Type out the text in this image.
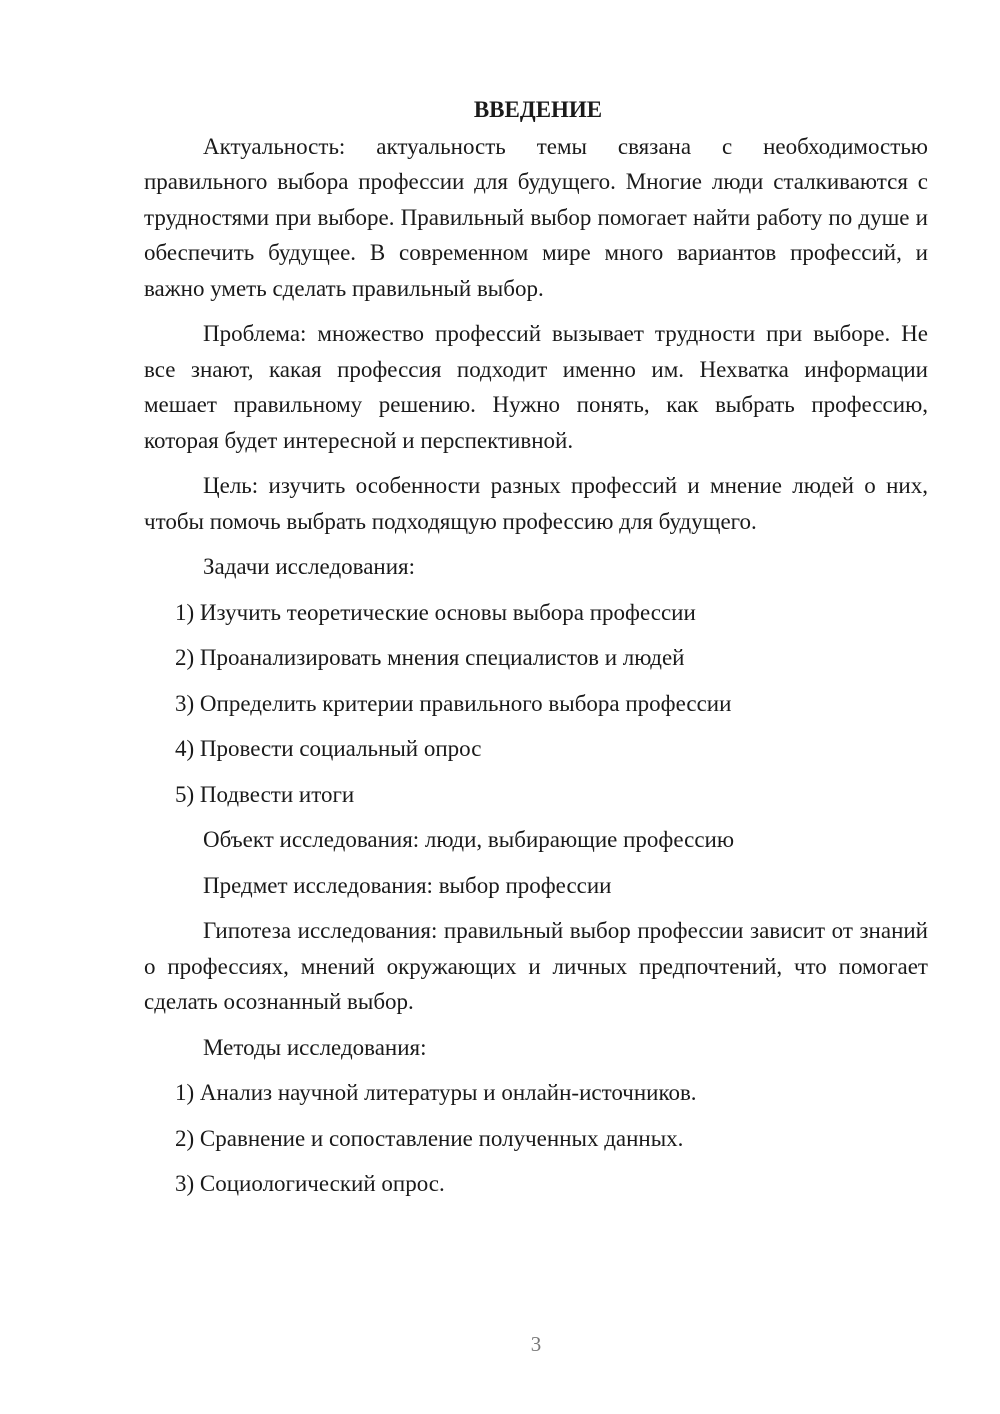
ВВЕДЕНИЕ

Актуальность: актуальность темы связана с необходимостью правильного выбора профессии для будущего. Многие люди сталкиваются с трудностями при выборе. Правильный выбор помогает найти работу по душе и обеспечить будущее. В современном мире много вариантов профессий, и важно уметь сделать правильный выбор.

Проблема: множество профессий вызывает трудности при выборе. Не все знают, какая профессия подходит именно им. Нехватка информации мешает правильному решению. Нужно понять, как выбрать профессию, которая будет интересной и перспективной.

Цель: изучить особенности разных профессий и мнение людей о них, чтобы помочь выбрать подходящую профессию для будущего.

Задачи исследования:

1) Изучить теоретические основы выбора профессии

2) Проанализировать мнения специалистов и людей

3) Определить критерии правильного выбора профессии

4) Провести социальный опрос

5) Подвести итоги

Объект исследования: люди, выбирающие профессию

Предмет исследования: выбор профессии

Гипотеза исследования: правильный выбор профессии зависит от знаний о профессиях, мнений окружающих и личных предпочтений, что помогает сделать осознанный выбор.

Методы исследования:

1) Анализ научной литературы и онлайн-источников.

2) Сравнение и сопоставление полученных данных.

3) Социологический опрос.

3
